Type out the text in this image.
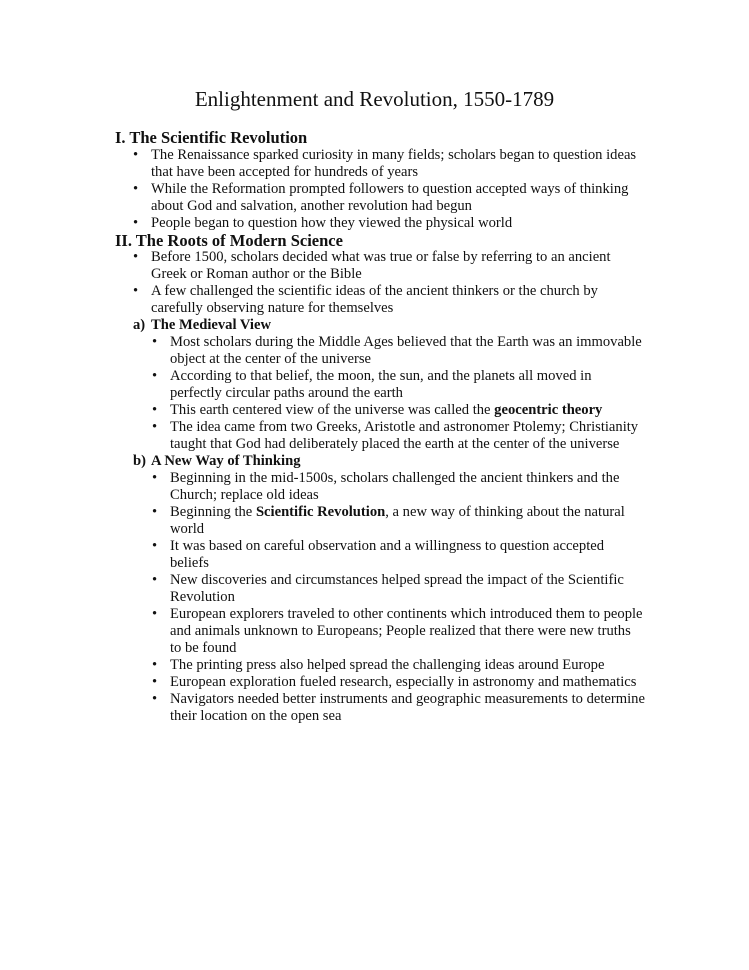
Enlightenment and Revolution, 1550-1789
I. The Scientific Revolution
• The Renaissance sparked curiosity in many fields; scholars began to question ideas that have been accepted for hundreds of years
• While the Reformation prompted followers to question accepted ways of thinking about God and salvation, another revolution had begun
• People began to question how they viewed the physical world
II. The Roots of Modern Science
• Before 1500, scholars decided what was true or false by referring to an ancient Greek or Roman author or the Bible
• A few challenged the scientific ideas of the ancient thinkers or the church by carefully observing nature for themselves
a) The Medieval View
• Most scholars during the Middle Ages believed that the Earth was an immovable object at the center of the universe
• According to that belief, the moon, the sun, and the planets all moved in perfectly circular paths around the earth
• This earth centered view of the universe was called the geocentric theory
• The idea came from two Greeks, Aristotle and astronomer Ptolemy; Christianity taught that God had deliberately placed the earth at the center of the universe
b) A New Way of Thinking
• Beginning in the mid-1500s, scholars challenged the ancient thinkers and the Church; replace old ideas
• Beginning the Scientific Revolution, a new way of thinking about the natural world
• It was based on careful observation and a willingness to question accepted beliefs
• New discoveries and circumstances helped spread the impact of the Scientific Revolution
• European explorers traveled to other continents which introduced them to people and animals unknown to Europeans; People realized that there were new truths to be found
• The printing press also helped spread the challenging ideas around Europe
• European exploration fueled research, especially in astronomy and mathematics
• Navigators needed better instruments and geographic measurements to determine their location on the open sea
